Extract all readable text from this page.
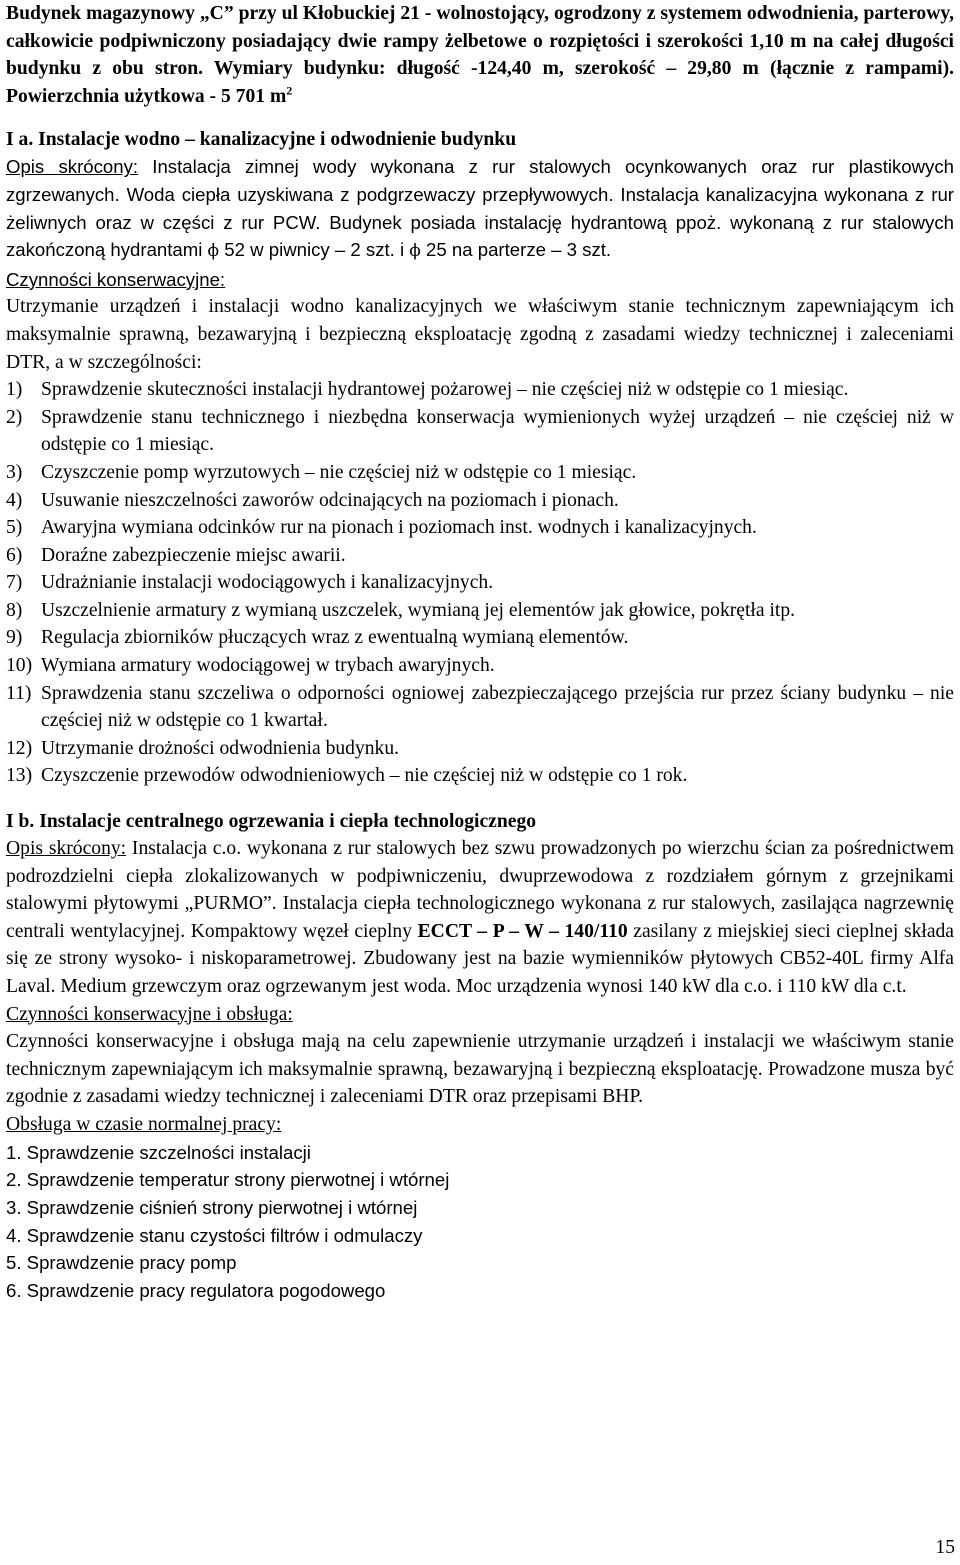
Budynek magazynowy „C” przy ul Kłobuckiej 21 - wolnostojący, ogrodzony z systemem odwodnienia, parterowy, całkowicie podpiwniczony posiadający dwie rampy żelbetowe o rozpiętości i szerokości 1,10 m na całej długości budynku z obu stron. Wymiary budynku: długość -124,40 m, szerokość – 29,80 m (łącznie z rampami). Powierzchnia użytkowa - 5 701 $m^2$

I a. Instalacje wodno – kanalizacyjne i odwodnienie budynku

Opis skrócony: Instalacja zimnej wody wykonana z rur stalowych ocynkowanych oraz rur plastikowych zgrzewanych. Woda ciepła uzyskiwana z podgrzewaczy przepływowych. Instalacja kanalizacyjna wykonana z rur żeliwnych oraz w części z rur PCW. Budynek posiada instalację hydrantową ppoż. wykonaną z rur stalowych zakończoną hydrantami ϕ 52 w piwnicy – 2 szt. i ϕ 25 na parterze – 3 szt.

Czynności konserwacyjne:

Utrzymanie urządzeń i instalacji wodno kanalizacyjnych we właściwym stanie technicznym zapewniającym ich maksymalnie sprawną, bezawaryjną i bezpieczną eksploatację zgodną z zasadami wiedzy technicznej i zaleceniami DTR, a w szczególności:

1) Sprawdzenie skuteczności instalacji hydrantowej pożarowej – nie częściej niż w odstępie co 1 miesiąc.

2) Sprawdzenie stanu technicznego i niezbędna konserwacja wymienionych wyżej urządzeń – nie częściej niż w odstępie co 1 miesiąc.

3) Czyszczenie pomp wyrzutowych – nie częściej niż w odstępie co 1 miesiąc.

4) Usuwanie nieszczelności zaworów odcinających na poziomach i pionach.

5) Awaryjna wymiana odcinków rur na pionach i poziomach inst. wodnych i kanalizacyjnych.

6) Doraźne zabezpieczenie miejsc awarii.

7) Udrażnianie instalacji wodociągowych i kanalizacyjnych.

8) Uszczelnienie armatury z wymianą uszczelek, wymianą jej elementów jak głowice, pokrętła itp.

9) Regulacja zbiorników płuczących wraz z ewentualną wymianą elementów.

10) Wymiana armatury wodociągowej w trybach awaryjnych.

11) Sprawdzenia stanu szczeliwa o odporności ogniowej zabezpieczającego przejścia rur przez ściany budynku – nie częściej niż w odstępie co 1 kwartał.

12) Utrzymanie drożności odwodnienia budynku.

13) Czyszczenie przewodów odwodnieniowych – nie częściej niż w odstępie co 1 rok.

I b. Instalacje centralnego ogrzewania i ciepła technologicznego

Opis skrócony: Instalacja c.o. wykonana z rur stalowych bez szwu prowadzonych po wierzchu ścian za pośrednictwem podrozdzielni ciepła zlokalizowanych w podpiwniczeniu, dwuprzewodowa z rozdziałem górnym z grzejnikami stalowymi płytowymi „PURMO”. Instalacja ciepła technologicznego wykonana z rur stalowych, zasilająca nagrzewnię centrali wentylacyjnej. Kompaktowy węzeł cieplny ECCT – P – W – 140/110 zasilany z miejskiej sieci cieplnej składa się ze strony wysoko- i niskoparametrowej. Zbudowany jest na bazie wymienników płytowych CB52-40L firmy Alfa Laval. Medium grzewczym oraz ogrzewanym jest woda. Moc urządzenia wynosi 140 kW dla c.o. i 110 kW dla c.t.

Czynności konserwacyjne i obsługa:

Czynności konserwacyjne i obsługa mają na celu zapewnienie utrzymanie urządzeń i instalacji we właściwym stanie technicznym zapewniającym ich maksymalnie sprawną, bezawaryjną i bezpieczną eksploatację. Prowadzone musza być zgodnie z zasadami wiedzy technicznej i zaleceniami DTR oraz przepisami BHP.

Obsługa w czasie normalnej pracy:

1. Sprawdzenie szczelności instalacji

2. Sprawdzenie temperatur strony pierwotnej i wtórnej

3. Sprawdzenie ciśnień strony pierwotnej i wtórnej

4. Sprawdzenie stanu czystości filtrów i odmulaczy

5. Sprawdzenie pracy pomp

6. Sprawdzenie pracy regulatora pogodowego

15
